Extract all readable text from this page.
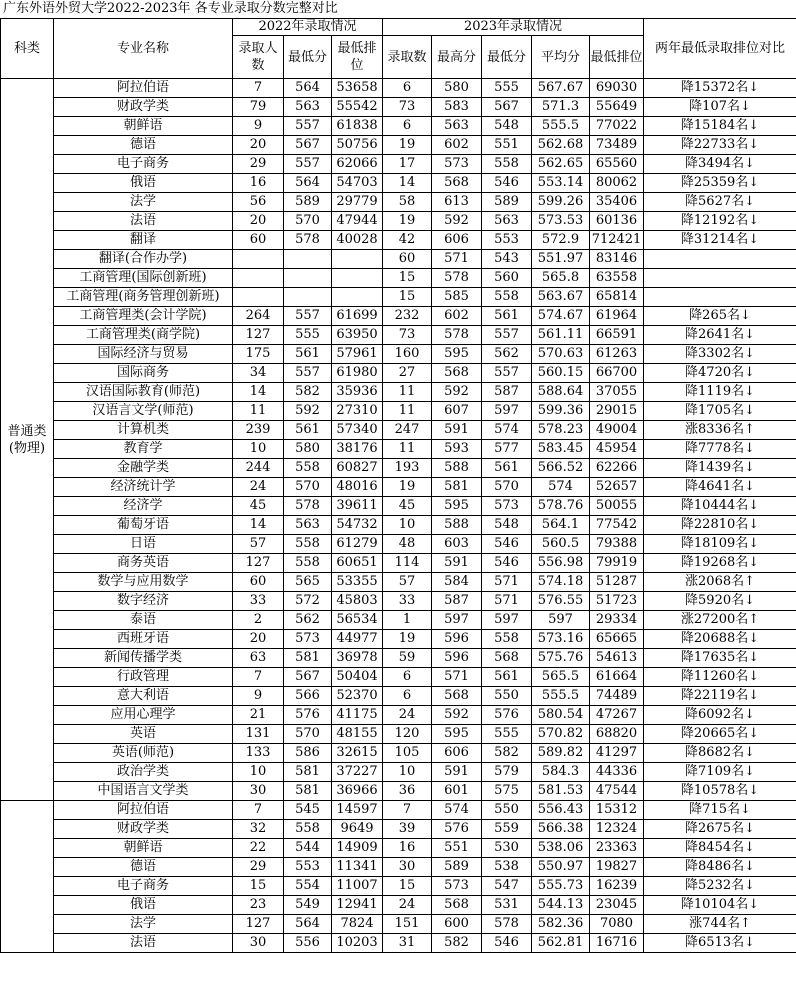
广东外语外贸大学2022-2023年 各专业录取分数完整对比
科类	专业名称	2022年录取情况			2023年录取情况					两年最低录取排位对比
		录取人数	最低分	最低排位	录取数	最高分	最低分	平均分	最低排位	
普通类(物理)	阿拉伯语	7	564	53658	6	580	555	567.67	69030	降15372名↓
	财政学类	79	563	55542	73	583	567	571.3	55649	降107名↓
	朝鲜语	9	557	61838	6	563	548	555.5	77022	降15184名↓
	德语	20	567	50756	19	602	551	562.68	73489	降22733名↓
	电子商务	29	557	62066	17	573	558	562.65	65560	降3494名↓
	俄语	16	564	54703	14	568	546	553.14	80062	降25359名↓
	法学	56	589	29779	58	613	589	599.26	35406	降5627名↓
	法语	20	570	47944	19	592	563	573.53	60136	降12192名↓
	翻译	60	578	40028	42	606	553	572.9	712421	降31214名↓
	翻译(合作办学)				60	571	543	551.97	83146	
	工商管理(国际创新班)				15	578	560	565.8	63558	
	工商管理(商务管理创新班)				15	585	558	563.67	65814	
	工商管理类(会计学院)	264	557	61699	232	602	561	574.67	61964	降265名↓
	工商管理类(商学院)	127	555	63950	73	578	557	561.11	66591	降2641名↓
	国际经济与贸易	175	561	57961	160	595	562	570.63	61263	降3302名↓
	国际商务	34	557	61980	27	568	557	560.15	66700	降4720名↓
	汉语国际教育(师范)	14	582	35936	11	592	587	588.64	37055	降1119名↓
	汉语言文学(师范)	11	592	27310	11	607	597	599.36	29015	降1705名↓
	计算机类	239	561	57340	247	591	574	578.23	49004	涨8336名↑
	教育学	10	580	38176	11	593	577	583.45	45954	降7778名↓
	金融学类	244	558	60827	193	588	561	566.52	62266	降1439名↓
	经济统计学	24	570	48016	19	581	570	574	52657	降4641名↓
	经济学	45	578	39611	45	595	573	578.76	50055	降10444名↓
	葡萄牙语	14	563	54732	10	588	548	564.1	77542	降22810名↓
	日语	57	558	61279	48	603	546	560.5	79388	降18109名↓
	商务英语	127	558	60651	114	591	546	556.98	79919	降19268名↓
	数学与应用数学	60	565	53355	57	584	571	574.18	51287	涨2068名↑
	数字经济	33	572	45803	33	587	571	576.55	51723	降5920名↓
	泰语	2	562	56534	1	597	597	597	29334	涨27200名↑
	西班牙语	20	573	44977	19	596	558	573.16	65665	降20688名↓
	新闻传播学类	63	581	36978	59	596	568	575.76	54613	降17635名↓
	行政管理	7	567	50404	6	571	561	565.5	61664	降11260名↓
	意大利语	9	566	52370	6	568	550	555.5	74489	降22119名↓
	应用心理学	21	576	41175	24	592	576	580.54	47267	降6092名↓
	英语	131	570	48155	120	595	555	570.82	68820	降20665名↓
	英语(师范)	133	586	32615	105	606	582	589.82	41297	降8682名↓
	政治学类	10	581	37227	10	591	579	584.3	44336	降7109名↓
	中国语言文学类	30	581	36966	36	601	575	581.53	47544	降10578名↓
	阿拉伯语	7	545	14597	7	574	550	556.43	15312	降715名↓
	财政学类	32	558	9649	39	576	559	566.38	12324	降2675名↓
	朝鲜语	22	544	14909	16	551	530	538.06	23363	降8454名↓
	德语	29	553	11341	30	589	538	550.97	19827	降8486名↓
	电子商务	15	554	11007	15	573	547	555.73	16239	降5232名↓
	俄语	23	549	12941	24	568	531	544.13	23045	降10104名↓
	法学	127	564	7824	151	600	578	582.36	7080	涨744名↑
	法语	30	556	10203	31	582	546	562.81	16716	降6513名↓
